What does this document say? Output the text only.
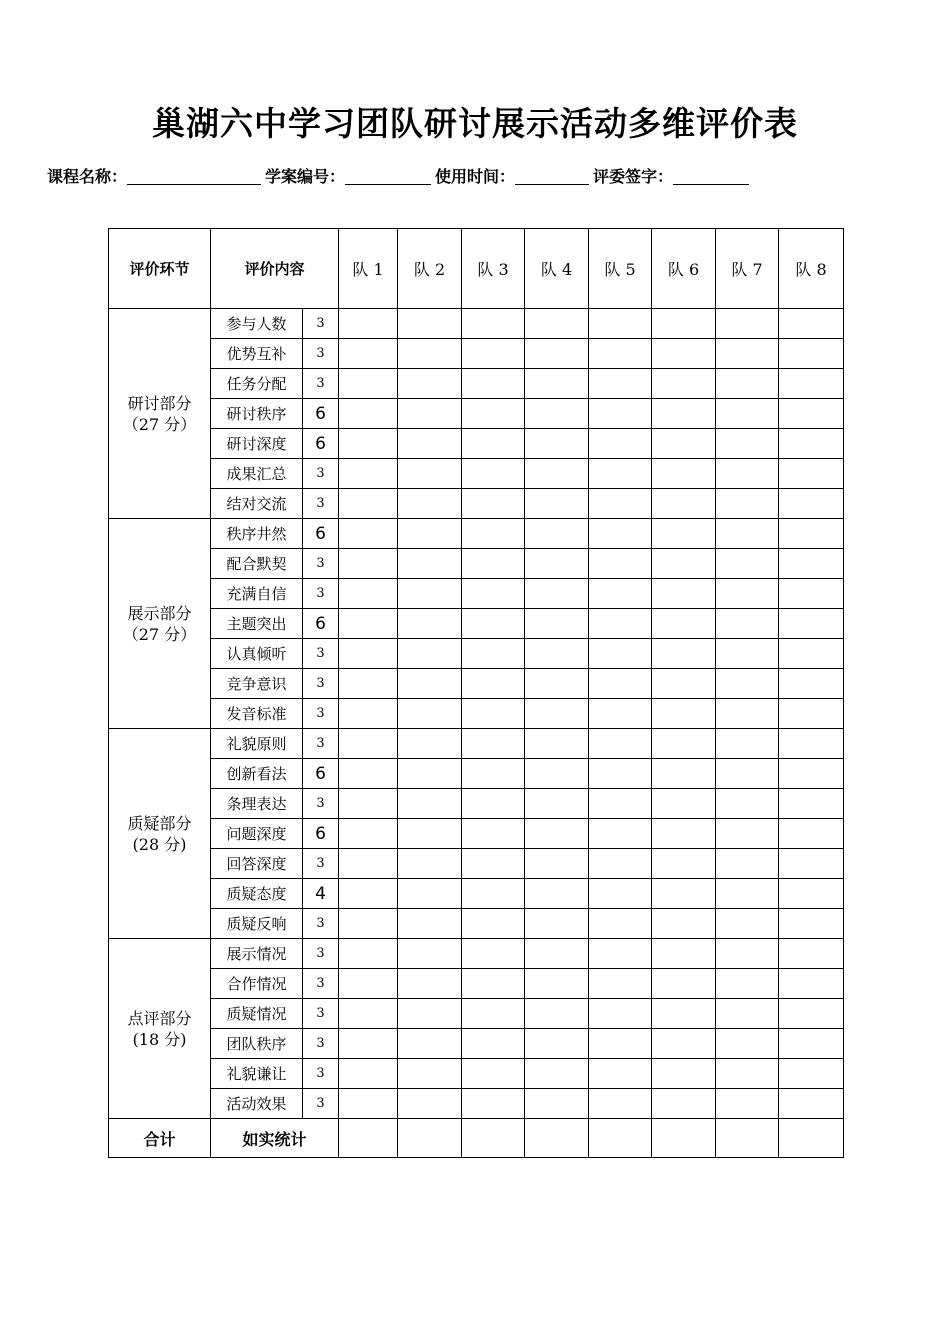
巢湖六中学习团队研讨展示活动多维评价表
课程名称：	学案编号：	使用时间：	评委签字：
评价环节	评价内容		队 1	队 2	队 3	队 4	队 5	队 6	队 7	队 8
研讨部分
（27 分）	参与人数	3								
	优势互补	3								
	任务分配	3								
	研讨秩序	6								
	研讨深度	6								
	成果汇总	3								
	结对交流	3								
展示部分
（27 分）	秩序井然	6								
	配合默契	3								
	充满自信	3								
	主题突出	6								
	认真倾听	3								
	竞争意识	3								
	发音标准	3								
质疑部分
(28 分)	礼貌原则	3								
	创新看法	6								
	条理表达	3								
	问题深度	6								
	回答深度	3								
	质疑态度	4								
	质疑反响	3								
点评部分
(18 分)	展示情况	3								
	合作情况	3								
	质疑情况	3								
	团队秩序	3								
	礼貌谦让	3								
	活动效果	3								
合计	如实统计									
